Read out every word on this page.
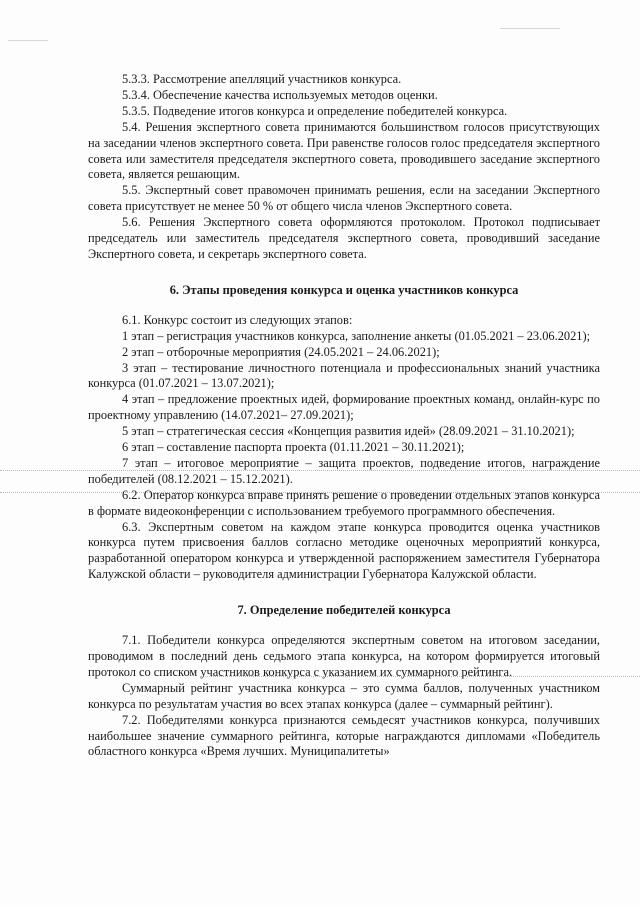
5.3.3. Рассмотрение апелляций участников конкурса.

5.3.4. Обеспечение качества используемых методов оценки.

5.3.5. Подведение итогов конкурса и определение победителей конкурса.

5.4. Решения экспертного совета принимаются большинством голосов присутствующих на заседании членов экспертного совета. При равенстве голосов голос председателя экспертного совета или заместителя председателя экспертного совета, проводившего заседание экспертного совета, является решающим.

5.5. Экспертный совет правомочен принимать решения, если на заседании Экспертного совета присутствует не менее 50 % от общего числа членов Экспертного совета.

5.6. Решения Экспертного совета оформляются протоколом. Протокол подписывает председатель или заместитель председателя экспертного совета, проводивший заседание Экспертного совета, и секретарь экспертного совета.

6. Этапы проведения конкурса и оценка участников конкурса

6.1. Конкурс состоит из следующих этапов:

1 этап – регистрация участников конкурса, заполнение анкеты (01.05.2021 – 23.06.2021);

2 этап – отборочные мероприятия (24.05.2021 – 24.06.2021);

3 этап – тестирование личностного потенциала и профессиональных знаний участника конкурса (01.07.2021 – 13.07.2021);

4 этап – предложение проектных идей, формирование проектных команд, онлайн-курс по проектному управлению (14.07.2021– 27.09.2021);

5 этап – стратегическая сессия «Концепция развития идей» (28.09.2021 – 31.10.2021);

6 этап – составление паспорта проекта (01.11.2021 – 30.11.2021);

7 этап – итоговое мероприятие – защита проектов, подведение итогов, награждение победителей (08.12.2021 – 15.12.2021).

6.2. Оператор конкурса вправе принять решение о проведении отдельных этапов конкурса в формате видеоконференции с использованием требуемого программного обеспечения.

6.3. Экспертным советом на каждом этапе конкурса проводится оценка участников конкурса путем присвоения баллов согласно методике оценочных мероприятий конкурса, разработанной оператором конкурса и утвержденной распоряжением заместителя Губернатора Калужской области – руководителя администрации Губернатора Калужской области.

7. Определение победителей конкурса

7.1. Победители конкурса определяются экспертным советом на итоговом заседании, проводимом в последний день седьмого этапа конкурса, на котором формируется итоговый протокол со списком участников конкурса с указанием их суммарного рейтинга.

Суммарный рейтинг участника конкурса – это сумма баллов, полученных участником конкурса по результатам участия во всех этапах конкурса (далее – суммарный рейтинг).

7.2. Победителями конкурса признаются семьдесят участников конкурса, получивших наибольшее значение суммарного рейтинга, которые награждаются дипломами «Победитель областного конкурса «Время лучших. Муниципалитеты»
